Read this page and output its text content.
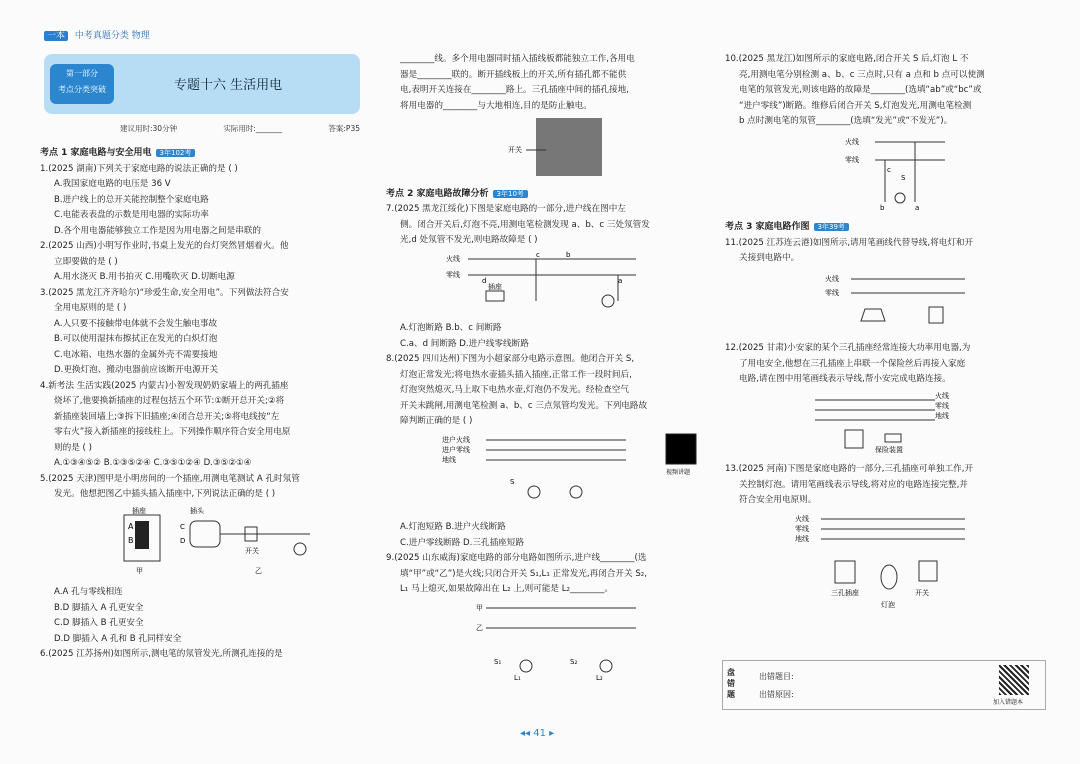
一本 中考真题分类 物理
第一部分
考点分类突破	专题十六 生活用电
建议用时:30分钟	实际用时:_______	答案:P35
考点 1 家庭电路与安全用电 3年102考
1.(2025 湖南)下列关于家庭电路的说法正确的是 ( )
A.我国家庭电路的电压是 36 V
B.进户线上的总开关能控制整个家庭电路
C.电能表表盘的示数是用电器的实际功率
D.各个用电器能够独立工作是因为用电器之间是串联的
2.(2025 山西)小明写作业时,书桌上发光的台灯突然冒烟着火。他
立即要做的是 ( )
A.用水浇灭 B.用书拍灭 C.用嘴吹灭 D.切断电源
3.(2025 黑龙江齐齐哈尔)“珍爱生命,安全用电”。下列做法符合安
全用电原则的是 ( )
A.人只要不接触带电体就不会发生触电事故
B.可以使用湿抹布擦拭正在发光的白炽灯泡
C.电冰箱、电热水器的金属外壳不需要接地
D.更换灯泡、搬动电器前应该断开电源开关
4.新考法 生活实践(2025 内蒙古)小智发现奶奶家墙上的两孔插座
烧坏了,他要换新插座的过程包括五个环节:①断开总开关;②将
新插座装回墙上;③拆下旧插座;④闭合总开关;⑤将电线按“左
零右火”接入新插座的接线柱上。下列操作顺序符合安全用电原
则的是 ( )
A.①③④⑤② B.①③⑤②④ C.③⑤①②④ D.③⑤②①④
5.(2025 天津)图甲是小明房间的一个插座,用测电笔测试 A 孔时氖管
发光。他想把图乙中插头插入插座中,下列说法正确的是 ( )
A
B
插座
甲
插头
C
D
开关
乙
A.A 孔与零线相连
B.D 脚插入 A 孔更安全
C.D 脚插入 B 孔更安全
D.D 脚插入 A 孔和 B 孔同样安全
6.(2025 江苏扬州)如图所示,测电笔的氖管发光,所测孔连接的是
________线。多个用电器同时插入插线板都能独立工作,各用电
器是________联的。断开插线板上的开关,所有插孔都不能供
电,表明开关连接在________路上。三孔插座中间的插孔接地,
将用电器的________与大地相连,目的是防止触电。
开关
考点 2 家庭电路故障分析 3年10考
7.(2025 黑龙江绥化)下图是家庭电路的一部分,进户线在图中左
侧。闭合开关后,灯泡不亮,用测电笔检测发现 a、b、c 三处氖管发
光,d 处氖管不发光,则电路故障是 ( )
火线
零线
d
c	b
a
插座
A.灯泡断路 B.b、c 间断路
C.a、d 间断路 D.进户线零线断路
8.(2025 四川达州)下图为小超家部分电路示意图。他闭合开关 S,
灯泡正常发光;将电热水壶插头插入插座,正常工作一段时间后,
灯泡突然熄灭,马上取下电热水壶,灯泡仍不发光。经检查空气
开关未跳闸,用测电笔检测 a、b、c 三点氖管均发光。下列电路故
障判断正确的是 ( )
进户火线
进户零线
地线
S
视频讲题
A.灯泡短路 B.进户火线断路
C.进户零线断路 D.三孔插座短路
9.(2025 山东威海)家庭电路的部分电路如图所示,进户线________(选
填“甲”或“乙”)是火线;只闭合开关 S₁,L₁ 正常发光,再闭合开关 S₂,
L₁ 马上熄灭,如果故障出在 L₂ 上,则可能是 L₂________。
甲
乙
S₁	S₂
L₁	L₂
10.(2025 黑龙江)如图所示的家庭电路,闭合开关 S 后,灯泡 L 不
亮,用测电笔分别检测 a、b、c 三点时,只有 a 点和 b 点可以使测
电笔的氖管发光,则该电路的故障是________(选填“ab”或“bc”或
“进户零线”)断路。维修后闭合开关 S,灯泡发光,用测电笔检测
b 点时测电笔的氖管________(选填“发光”或“不发光”)。
火线
零线
S
b	a
c
考点 3 家庭电路作图 3年39考
11.(2025 江苏连云港)如图所示,请用笔画线代替导线,将电灯和开
关接到电路中。
火线
零线
12.(2025 甘肃)小安家的某个三孔插座经常连接大功率用电器,为
了用电安全,他想在三孔插座上串联一个保险丝后再接入家庭
电路,请在图中用笔画线表示导线,帮小安完成电路连接。
火线
零线
地线
保险装置
13.(2025 河南)下图是家庭电路的一部分,三孔插座可单独工作,开
关控制灯泡。请用笔画线表示导线,将对应的电路连接完整,并
符合安全用电原则。
火线
零线
地线
三孔插座
灯泡
开关
盘错题
出错题目:
出错原因:
加入错题本
◂◂ 41 ▸
